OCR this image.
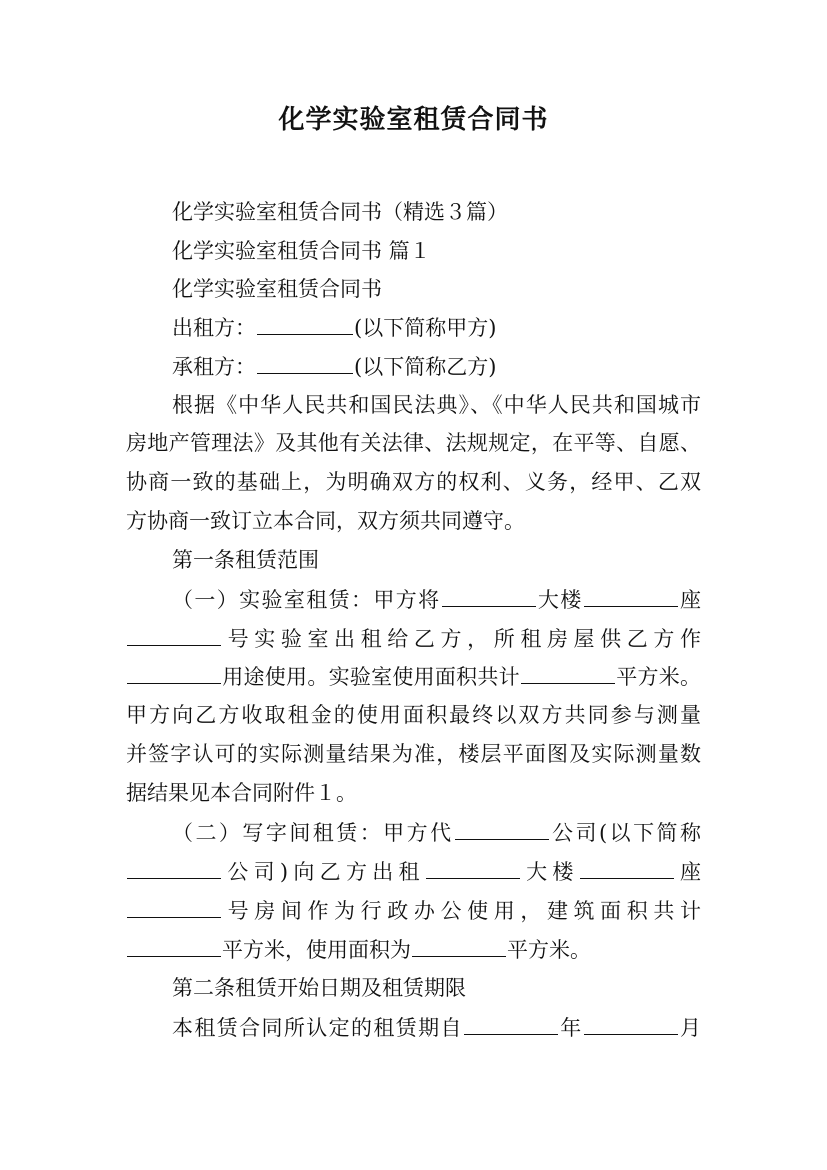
化学实验室租赁合同书
化学实验室租赁合同书（精选３篇）
化学实验室租赁合同书 篇１
化学实验室租赁合同书
出租方：	(以下简称甲方)
承租方：	(以下简称乙方)
根据《中华人民共和国民法典》、《中华人民共和国城市
房地产管理法》及其他有关法律、法规规定，在平等、自愿、
协商一致的基础上，为明确双方的权利、义务，经甲、乙双
方协商一致订立本合同，双方须共同遵守。
第一条租赁范围
（一）实验室租赁：甲方将	大楼	座
号实验室出租给乙方，所租房屋供乙方作
用途使用。实验室使用面积共计	平方米。
甲方向乙方收取租金的使用面积最终以双方共同参与测量
并签字认可的实际测量结果为准，楼层平面图及实际测量数
据结果见本合同附件１。
（二）写字间租赁：甲方代	公司(以下简称
公司)向乙方出租	大楼	座
号房间作为行政办公使用，建筑面积共计
平方米，使用面积为	平方米。
第二条租赁开始日期及租赁期限
本租赁合同所认定的租赁期自	年	月
